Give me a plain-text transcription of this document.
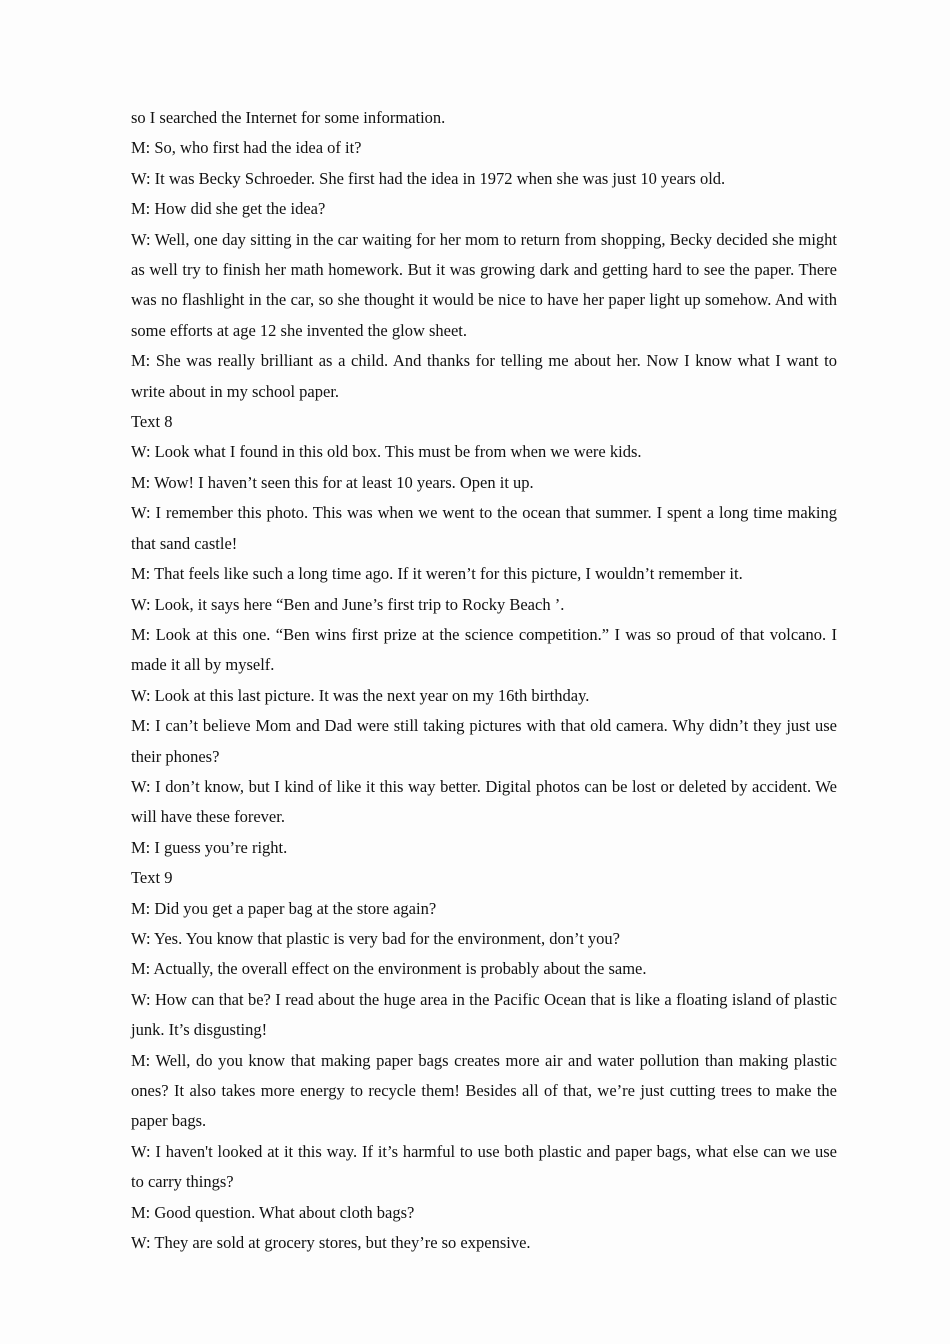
so I searched the Internet for some information.

M: So, who first had the idea of it?

W: It was Becky Schroeder. She first had the idea in 1972 when she was just 10 years old.

M: How did she get the idea?

W: Well, one day sitting in the car waiting for her mom to return from shopping, Becky decided she might as well try to finish her math homework. But it was growing dark and getting hard to see the paper. There was no flashlight in the car, so she thought it would be nice to have her paper light up somehow. And with some efforts at age 12 she invented the glow sheet.

M: She was really brilliant as a child. And thanks for telling me about her. Now I know what I want to write about in my school paper.

Text 8

W: Look what I found in this old box. This must be from when we were kids.

M: Wow! I haven’t seen this for at least 10 years. Open it up.

W: I remember this photo. This was when we went to the ocean that summer. I spent a long time making that sand castle!

M: That feels like such a long time ago. If it weren’t for this picture, I wouldn’t remember it.

W: Look, it says here “Ben and June’s first trip to Rocky Beach ’.

M: Look at this one. “Ben wins first prize at the science competition.” I was so proud of that volcano. I made it all by myself.

W: Look at this last picture. It was the next year on my 16th birthday.

M: I can’t believe Mom and Dad were still taking pictures with that old camera. Why didn’t they just use their phones?

W: I don’t know, but I kind of like it this way better. Digital photos can be lost or deleted by accident. We will have these forever.

M: I guess you’re right.

Text 9

M: Did you get a paper bag at the store again?

W: Yes. You know that plastic is very bad for the environment, don’t you?

M: Actually, the overall effect on the environment is probably about the same.

W: How can that be? I read about the huge area in the Pacific Ocean that is like a floating island of plastic junk. It’s disgusting!

M: Well, do you know that making paper bags creates more air and water pollution than making plastic ones? It also takes more energy to recycle them! Besides all of that, we’re just cutting trees to make the paper bags.

W: I haven't looked at it this way. If it’s harmful to use both plastic and paper bags, what else can we use to carry things?

M: Good question. What about cloth bags?

W: They are sold at grocery stores, but they’re so expensive.
